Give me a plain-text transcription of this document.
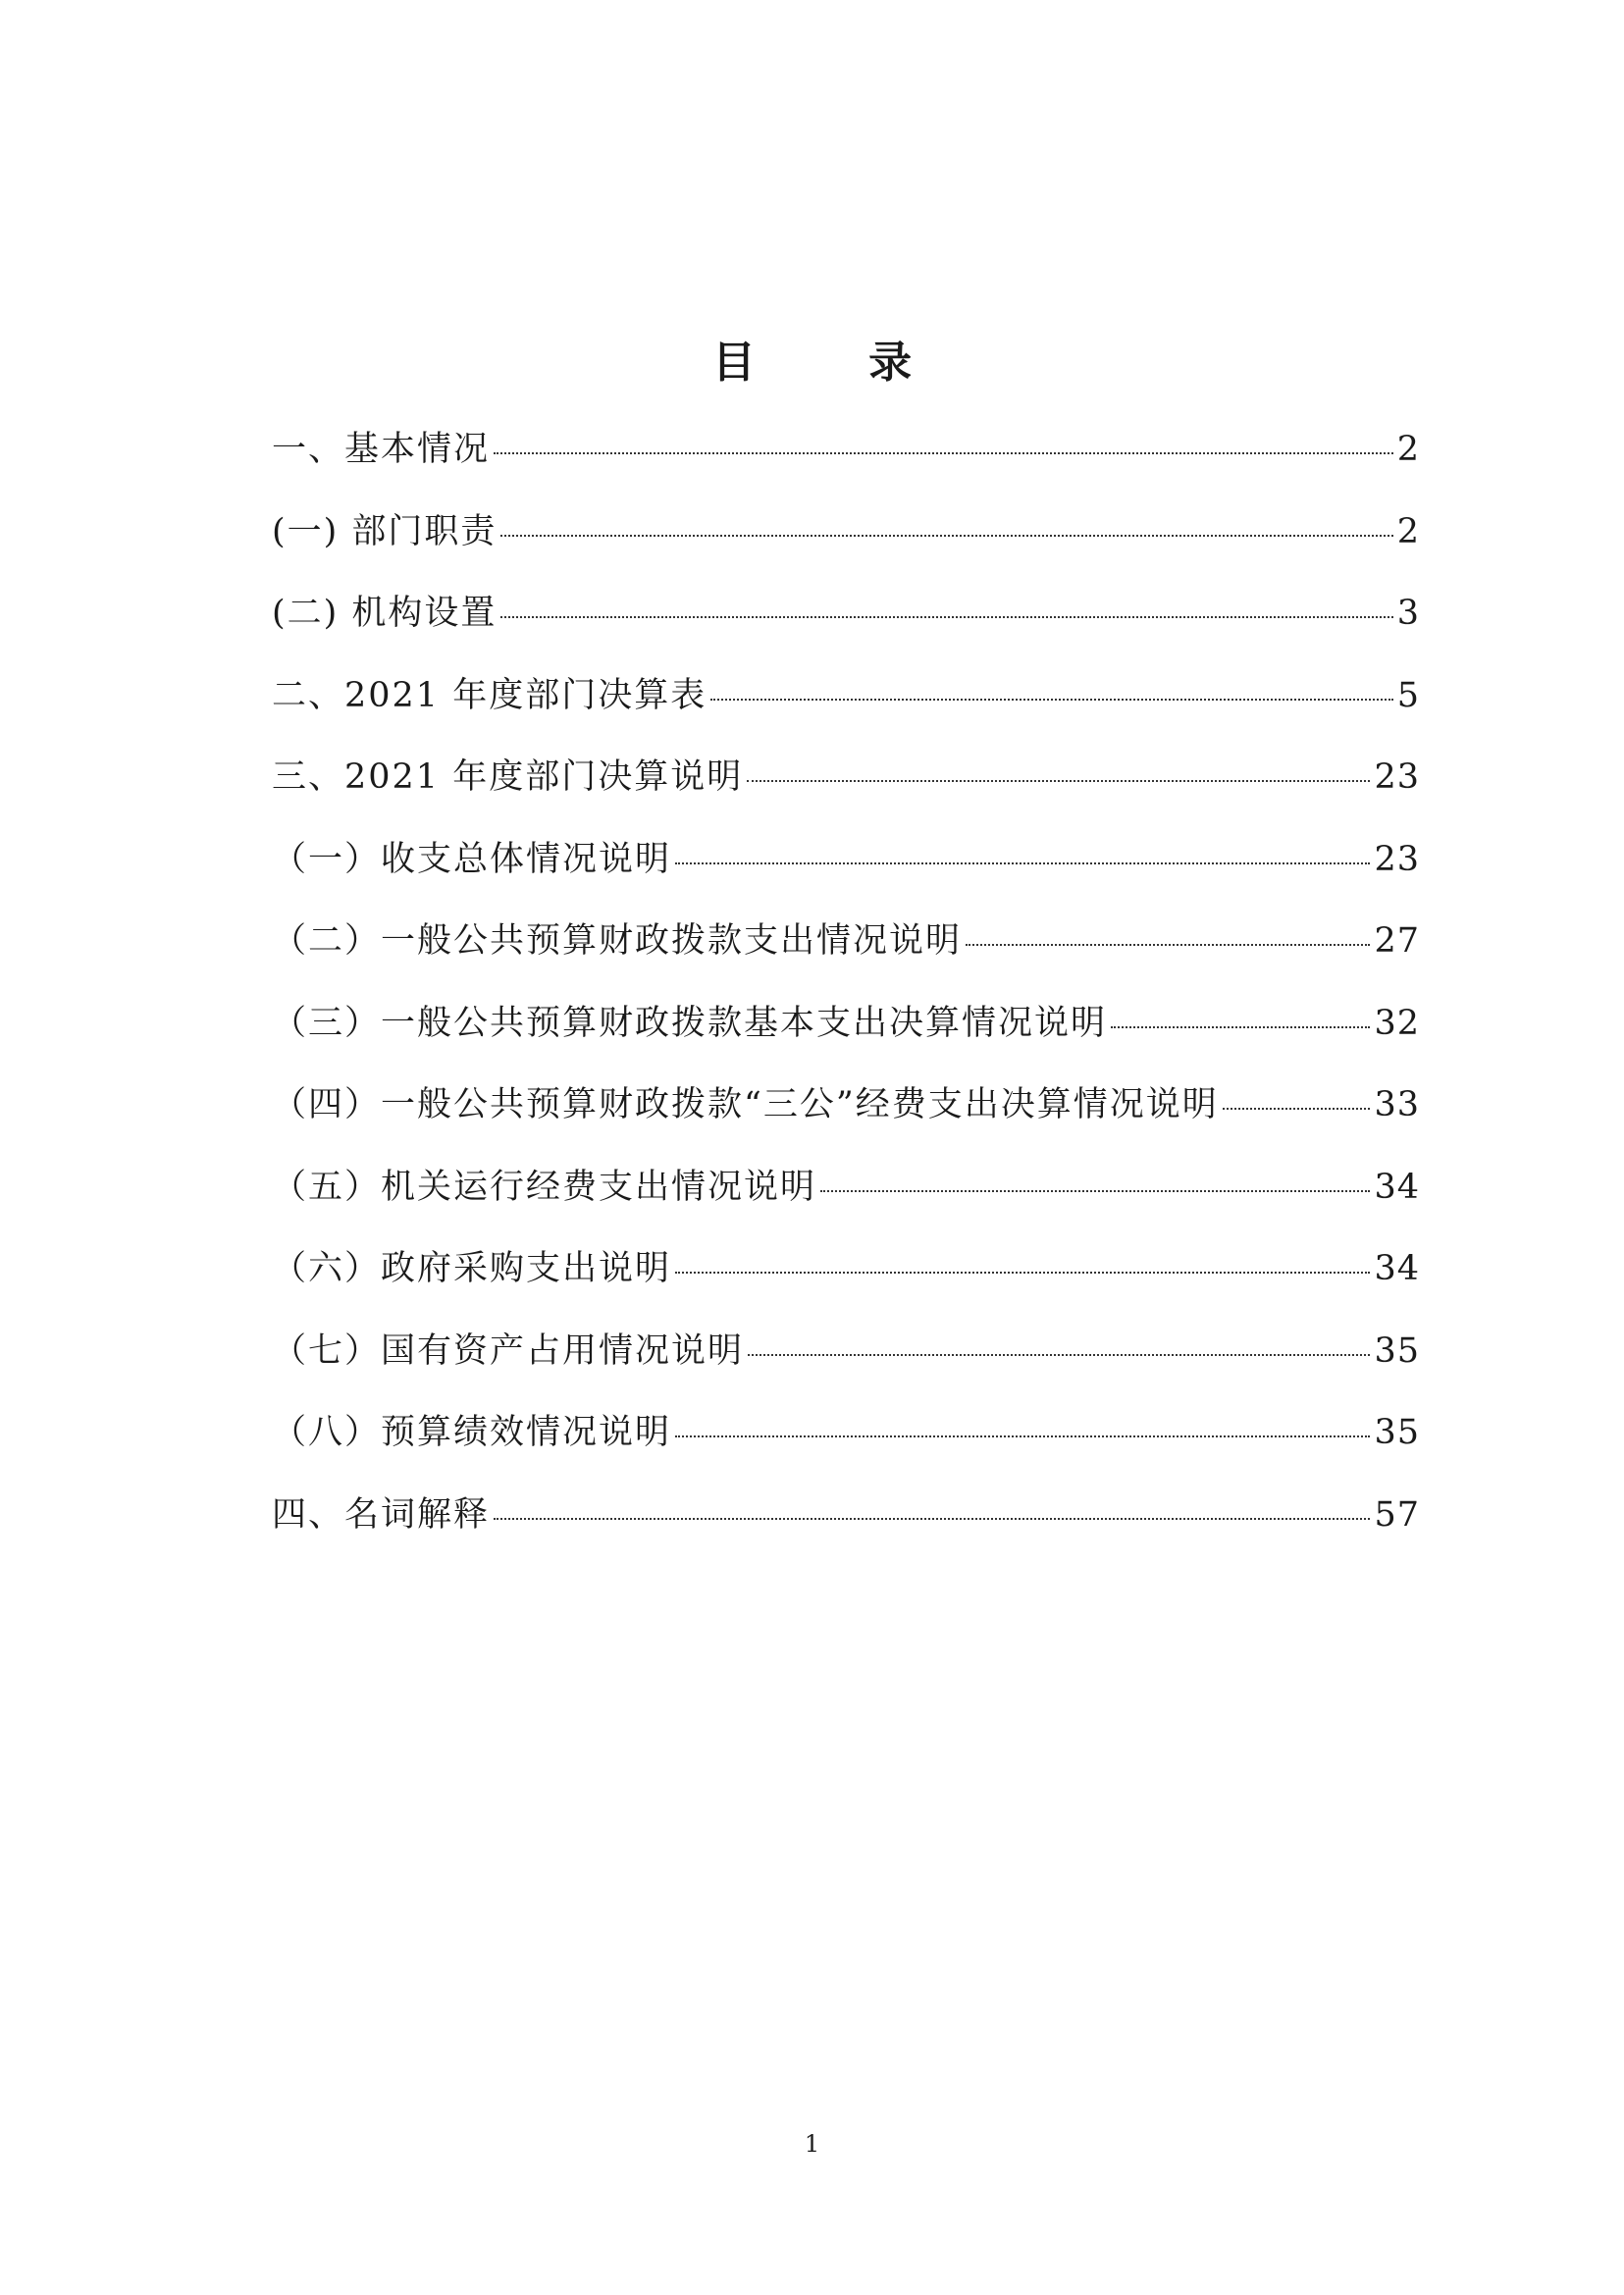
目 录
一、基本情况	2
(一) 部门职责	2
(二) 机构设置	3
二、2021 年度部门决算表	5
三、2021 年度部门决算说明	23
（一）收支总体情况说明	23
（二）一般公共预算财政拨款支出情况说明	27
（三）一般公共预算财政拨款基本支出决算情况说明	32
（四）一般公共预算财政拨款“三公”经费支出决算情况说明	33
（五）机关运行经费支出情况说明	34
（六）政府采购支出说明	34
（七）国有资产占用情况说明	35
（八）预算绩效情况说明	35
四、名词解释	57
1
